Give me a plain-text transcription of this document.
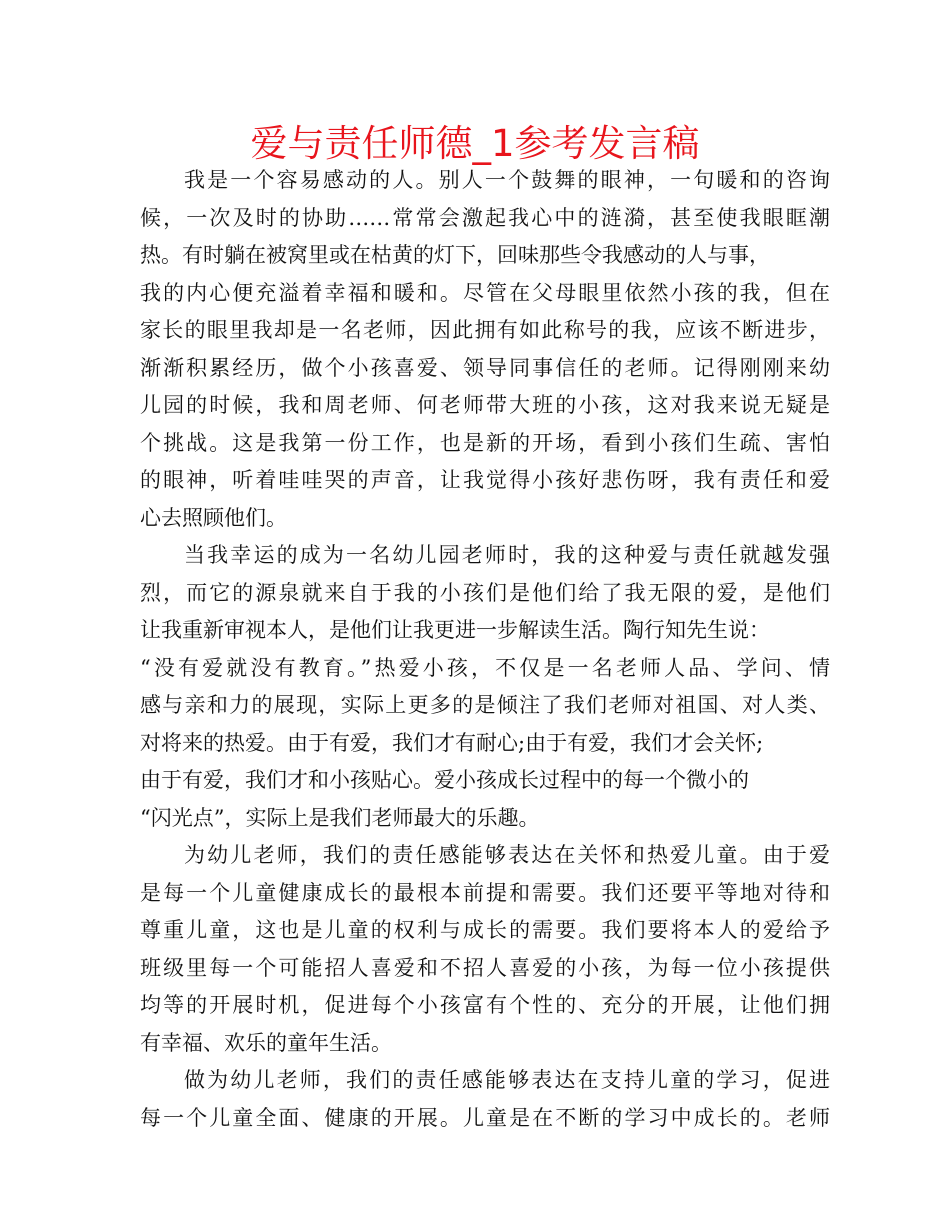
爱与责任师德_1参考发言稿
我是一个容易感动的人。别人一个鼓舞的眼神，一句暖和的咨询
候，一次及时的协助……常常会激起我心中的涟漪，甚至使我眼眶潮
热。有时躺在被窝里或在枯黄的灯下，回味那些令我感动的人与事，
我的内心便充溢着幸福和暖和。尽管在父母眼里依然小孩的我，但在
家长的眼里我却是一名老师，因此拥有如此称号的我，应该不断进步，
渐渐积累经历，做个小孩喜爱、领导同事信任的老师。记得刚刚来幼
儿园的时候，我和周老师、何老师带大班的小孩，这对我来说无疑是
个挑战。这是我第一份工作，也是新的开场，看到小孩们生疏、害怕
的眼神，听着哇哇哭的声音，让我觉得小孩好悲伤呀，我有责任和爱
心去照顾他们。
当我幸运的成为一名幼儿园老师时，我的这种爱与责任就越发强
烈，而它的源泉就来自于我的小孩们是他们给了我无限的爱，是他们
让我重新审视本人，是他们让我更进一步解读生活。陶行知先生说：
“没有爱就没有教育。”热爱小孩，不仅是一名老师人品、学问、情
感与亲和力的展现，实际上更多的是倾注了我们老师对祖国、对人类、
对将来的热爱。由于有爱，我们才有耐心;由于有爱，我们才会关怀;
由于有爱，我们才和小孩贴心。爱小孩成长过程中的每一个微小的
“闪光点”，实际上是我们老师最大的乐趣。
为幼儿老师，我们的责任感能够表达在关怀和热爱儿童。由于爱
是每一个儿童健康成长的最根本前提和需要。我们还要平等地对待和
尊重儿童，这也是儿童的权利与成长的需要。我们要将本人的爱给予
班级里每一个可能招人喜爱和不招人喜爱的小孩，为每一位小孩提供
均等的开展时机，促进每个小孩富有个性的、充分的开展，让他们拥
有幸福、欢乐的童年生活。
做为幼儿老师，我们的责任感能够表达在支持儿童的学习，促进
每一个儿童全面、健康的开展。儿童是在不断的学习中成长的。老师
